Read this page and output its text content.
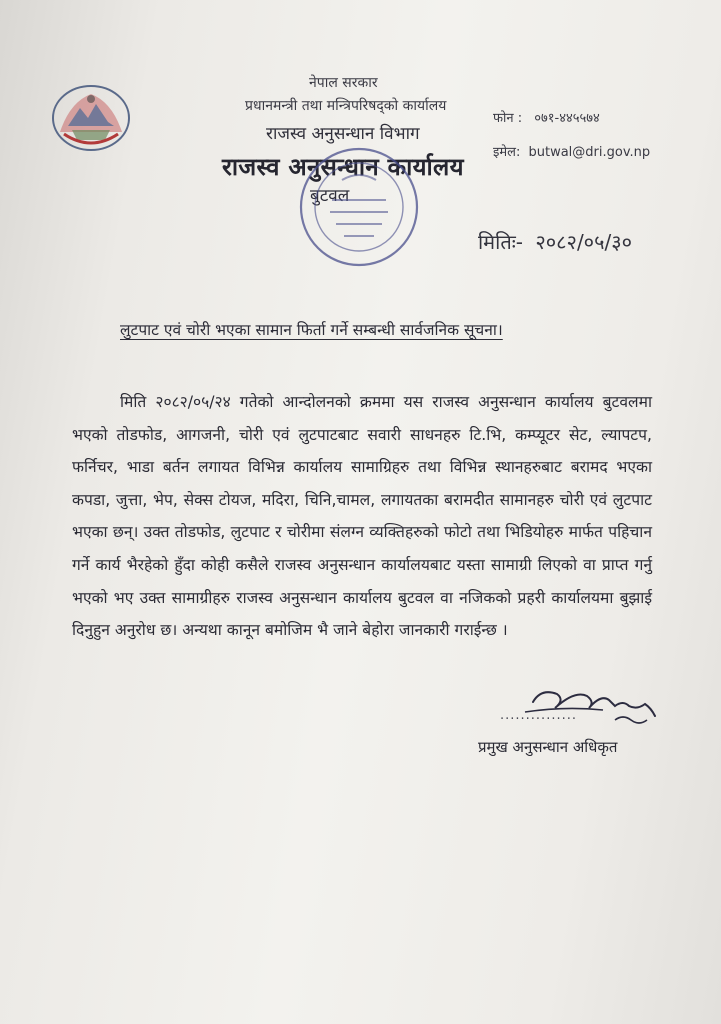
नेपाल सरकार
प्रधानमन्त्री तथा मन्त्रिपरिषद्को कार्यालय
राजस्व अनुसन्धान विभाग
राजस्व अनुसन्धान कार्यालय
बुटवल
फोन : ०७१-४४५५७४
इमेल: butwal@dri.gov.np
मितिः- २०८२/०५/३०
लुटपाट एवं चोरी भएका सामान फिर्ता गर्ने सम्बन्धी सार्वजनिक सूचना।
मिति २०८२/०५/२४ गतेको आन्दोलनको क्रममा यस राजस्व अनुसन्धान कार्यालय बुटवलमा भएको तोडफोड, आगजनी, चोरी एवं लुटपाटबाट सवारी साधनहरु टि.भि, कम्प्यूटर सेट, ल्यापटप, फर्निचर, भाडा बर्तन लगायत विभिन्न कार्यालय सामाग्रिहरु तथा विभिन्न स्थानहरुबाट बरामद भएका कपडा, जुत्ता, भेप, सेक्स टोयज, मदिरा, चिनि,चामल, लगायतका बरामदीत सामानहरु चोरी एवं लुटपाट भएका छन्। उक्त तोडफोड, लुटपाट र चोरीमा संलग्न व्यक्तिहरुको फोटो तथा भिडियोहरु मार्फत पहिचान गर्ने कार्य भैरहेको हुँदा कोही कसैले राजस्व अनुसन्धान कार्यालयबाट यस्ता सामाग्री लिएको वा प्राप्त गर्नु भएको भए उक्त सामाग्रीहरु राजस्व अनुसन्धान कार्यालय बुटवल वा नजिकको प्रहरी कार्यालयमा बुझाई दिनुहुन अनुरोध छ। अन्यथा कानून बमोजिम भै जाने बेहोरा जानकारी गराईन्छ ।
...............
प्रमुख अनुसन्धान अधिकृत
